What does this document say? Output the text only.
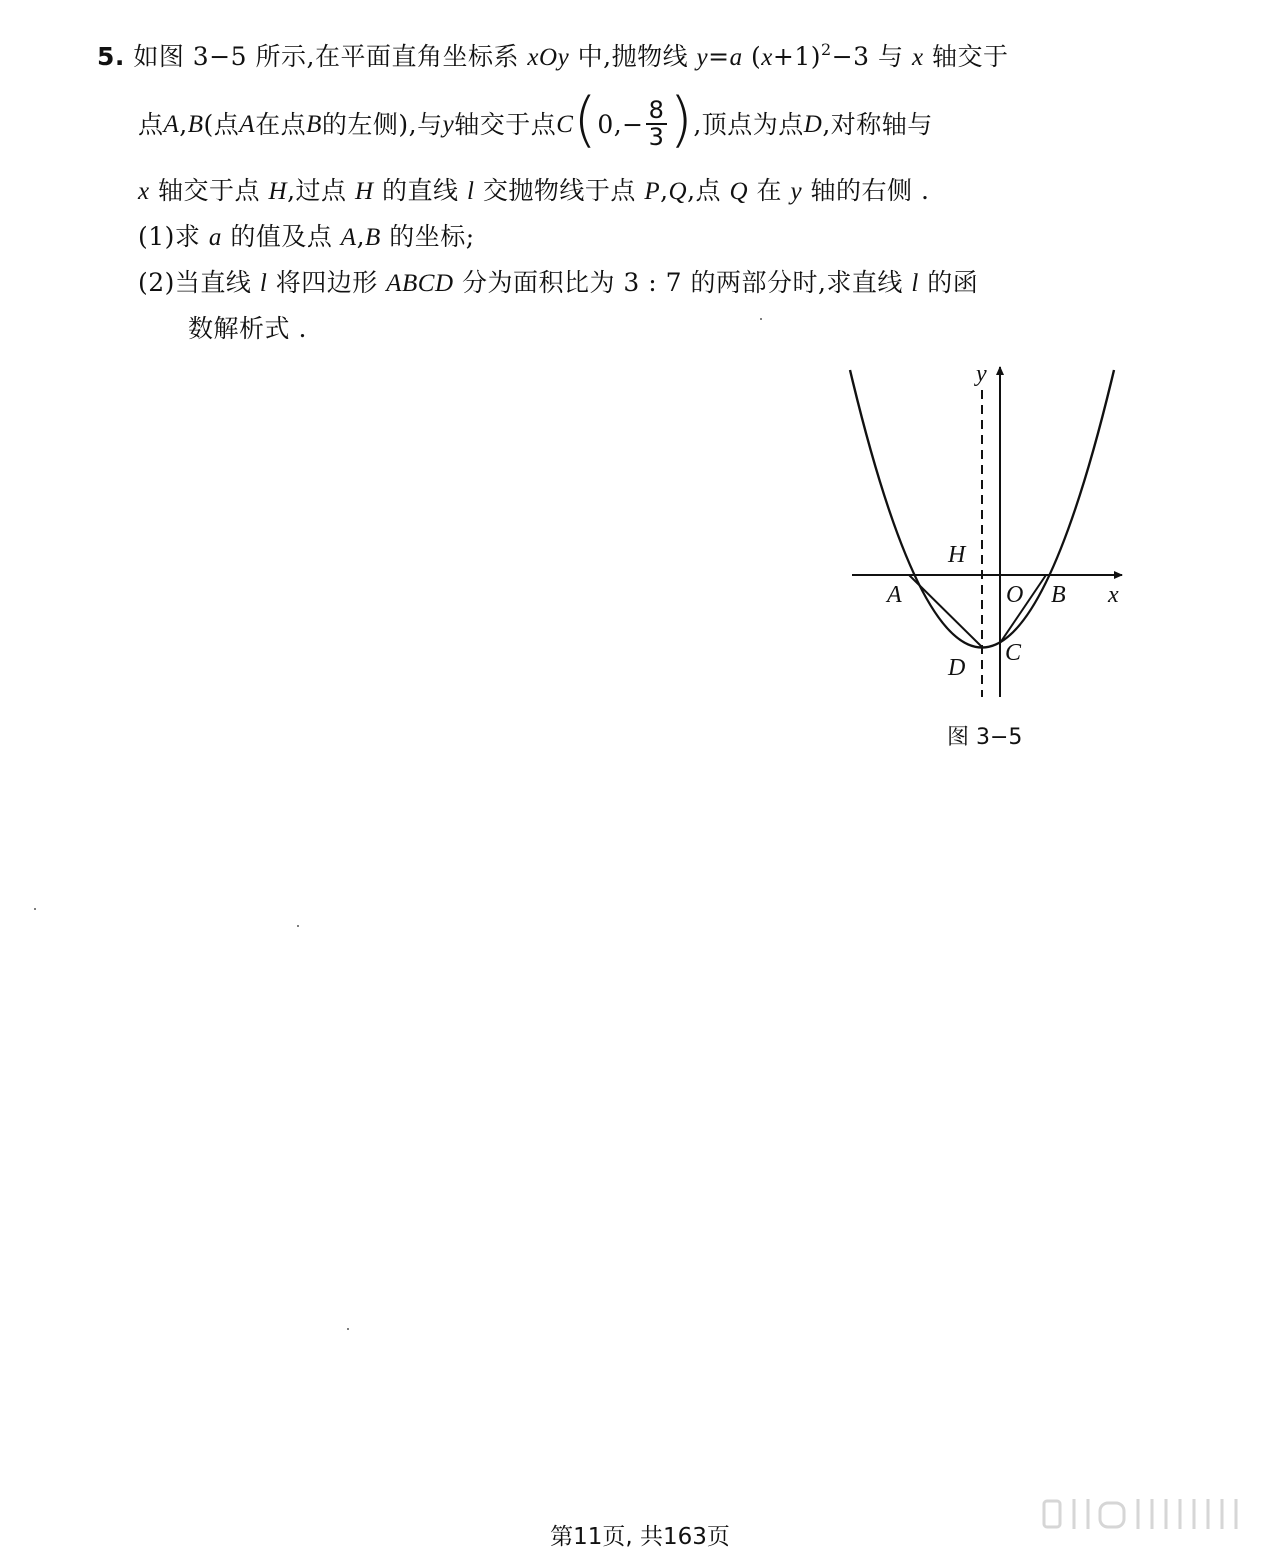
5. 如图 3−5 所示,在平面直角坐标系 xOy 中,抛物线 y=a $(x+1)^2-3$ 与 x 轴交于
点 A , B (点 A 在点 B 的左侧),与 y 轴交于点 C ( $0,- \frac{8}{3}$ ) ,顶点为点 D ,对称轴与
x 轴交于点 H,过点 H 的直线 l 交抛物线于点 P,Q,点 Q 在 y 轴的右侧 .
(1)求 a 的值及点 A,B 的坐标;
(2)当直线 l 将四边形 ABCD 分为面积比为 3 : 7 的两部分时,求直线 l 的函
数解析式 .
y
x
H
A	O B
C
D
图 3−5
第11页, 共163页
